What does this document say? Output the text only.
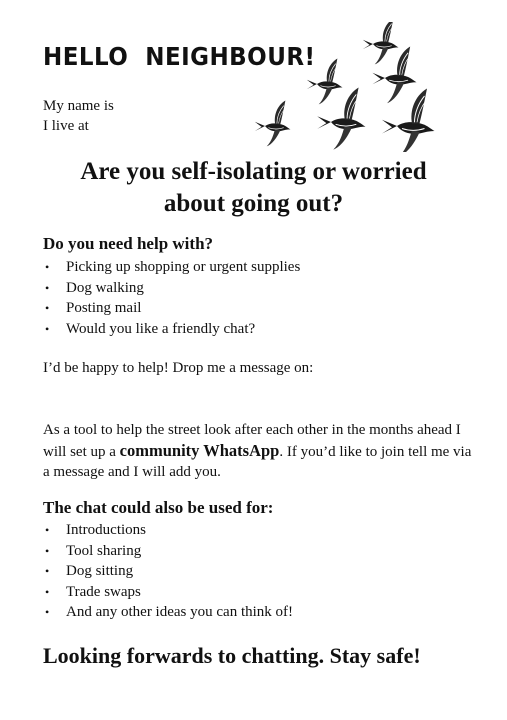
HELLO  NEIGHBOUR!
My name is
I live at
Are you self-isolating or worried
about going out?
Do you need help with?
• Picking up shopping or urgent supplies
• Dog walking
• Posting mail
• Would you like a friendly chat?

I’d be happy to help! Drop me a message on:

As a tool to help the street look after each other in the months ahead I will set up a community WhatsApp. If you’d like to join tell me via a message and I will add you.

The chat could also be used for:
• Introductions
• Tool sharing
• Dog sitting
• Trade swaps
• And any other ideas you can think of!
Looking forwards to chatting. Stay safe!
